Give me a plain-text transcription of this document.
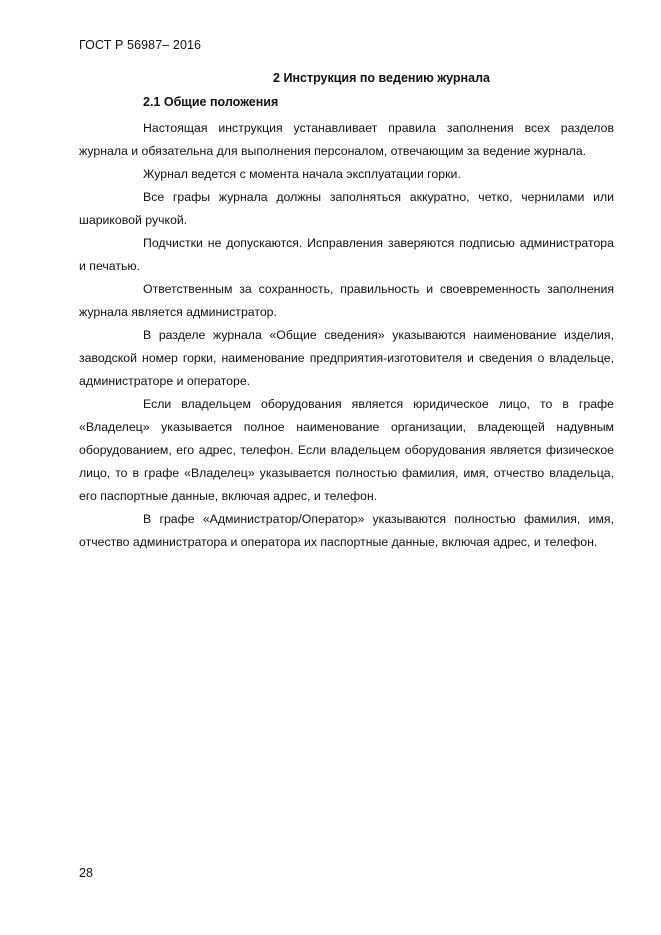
ГОСТ Р 56987– 2016
2 Инструкция по ведению журнала
2.1 Общие положения

Настоящая инструкция устанавливает правила заполнения всех разделов журнала и обязательна для выполнения персоналом, отвечающим за ведение журнала.

Журнал ведется с момента начала эксплуатации горки.

Все графы журнала должны заполняться аккуратно, четко, чернилами или шариковой ручкой.

Подчистки не допускаются. Исправления заверяются подписью администратора и печатью.

Ответственным за сохранность, правильность и своевременность заполнения журнала является администратор.

В разделе журнала «Общие сведения» указываются наименование изделия, заводской номер горки, наименование предприятия-изготовителя и сведения о владельце, администраторе и операторе.

Если владельцем оборудования является юридическое лицо, то в графе «Владелец» указывается полное наименование организации, владеющей надувным оборудованием, его адрес, телефон. Если владельцем оборудования является физическое лицо, то в графе «Владелец» указывается полностью фамилия, имя, отчество владельца, его паспортные данные, включая адрес, и телефон.

В графе «Администратор/Оператор» указываются полностью фамилия, имя, отчество администратора и оператора их паспортные данные, включая адрес, и телефон.

28
